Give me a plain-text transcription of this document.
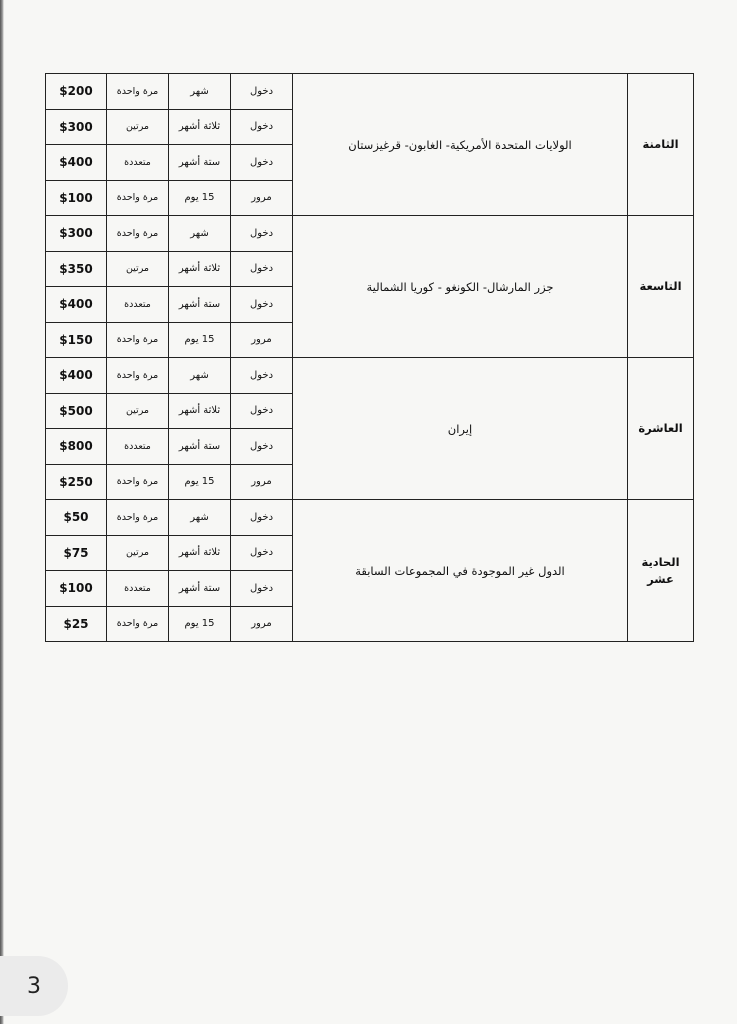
$200	مرة واحدة	شهر	دخول	الولايات المتحدة الأمريكية- الغابون- قرغيزستان	الثامنة
$300	مرتين	ثلاثة أشهر	دخول		
$400	متعددة	ستة أشهر	دخول		
$100	مرة واحدة	15 يوم	مرور		
$300	مرة واحدة	شهر	دخول	جزر المارشال- الكونغو - كوريا الشمالية	التاسعة
$350	مرتين	ثلاثة أشهر	دخول		
$400	متعددة	ستة أشهر	دخول		
$150	مرة واحدة	15 يوم	مرور		
$400	مرة واحدة	شهر	دخول	إيران	العاشرة
$500	مرتين	ثلاثة أشهر	دخول		
$800	متعددة	ستة أشهر	دخول		
$250	مرة واحدة	15 يوم	مرور		
$50	مرة واحدة	شهر	دخول	الدول غير الموجودة في المجموعات السابقة	الحادية عشر
$75	مرتين	ثلاثة أشهر	دخول		
$100	متعددة	ستة أشهر	دخول		
$25	مرة واحدة	15 يوم	مرور		
3
